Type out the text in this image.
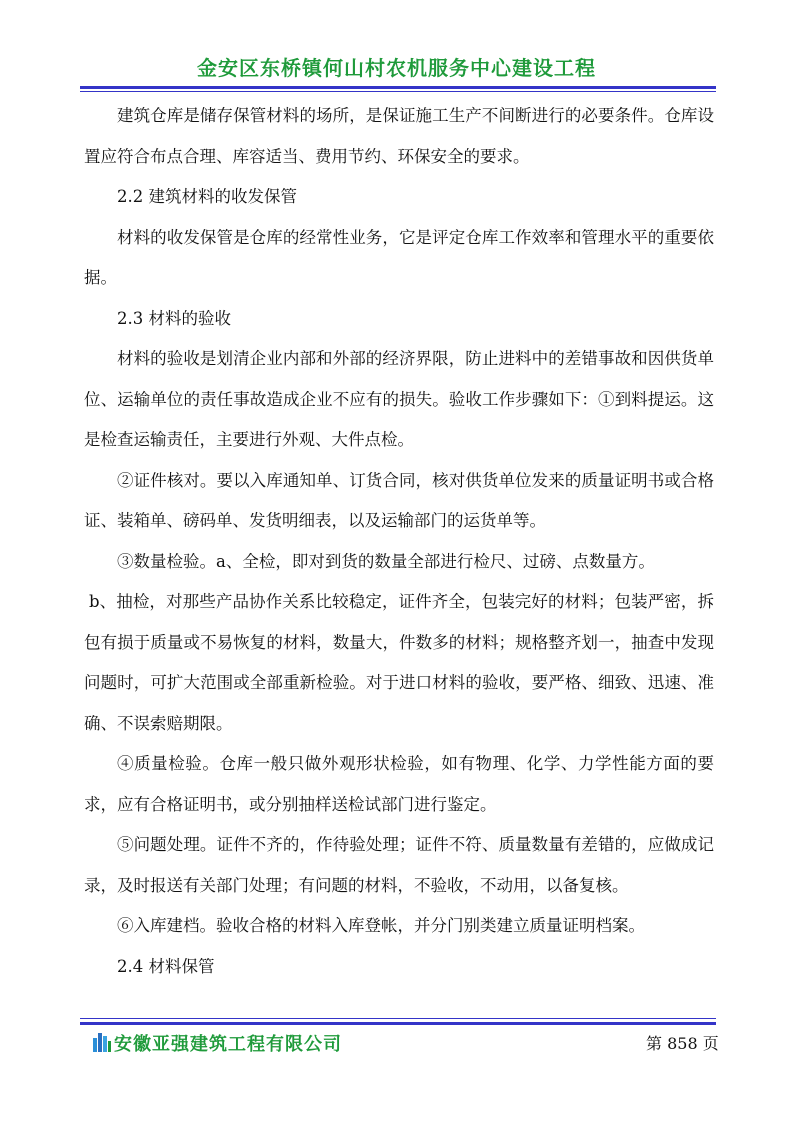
金安区东桥镇何山村农机服务中心建设工程

建筑仓库是储存保管材料的场所，是保证施工生产不间断进行的必要条件。仓库设置应符合布点合理、库容适当、费用节约、环保安全的要求。

2.2 建筑材料的收发保管

材料的收发保管是仓库的经常性业务，它是评定仓库工作效率和管理水平的重要依据。

2.3 材料的验收

材料的验收是划清企业内部和外部的经济界限，防止进料中的差错事故和因供货单位、运输单位的责任事故造成企业不应有的损失。验收工作步骤如下：①到料提运。这是检查运输责任，主要进行外观、大件点检。

②证件核对。要以入库通知单、订货合同，核对供货单位发来的质量证明书或合格证、装箱单、磅码单、发货明细表，以及运输部门的运货单等。

③数量检验。a、全检，即对到货的数量全部进行检尺、过磅、点数量方。

b、抽检，对那些产品协作关系比较稳定，证件齐全，包装完好的材料；包装严密，拆包有损于质量或不易恢复的材料，数量大，件数多的材料；规格整齐划一，抽查中发现问题时，可扩大范围或全部重新检验。对于进口材料的验收，要严格、细致、迅速、准确、不误索赔期限。

④质量检验。仓库一般只做外观形状检验，如有物理、化学、力学性能方面的要求，应有合格证明书，或分别抽样送检试部门进行鉴定。

⑤问题处理。证件不齐的，作待验处理；证件不符、质量数量有差错的，应做成记录，及时报送有关部门处理；有问题的材料，不验收，不动用，以备复核。

⑥入库建档。验收合格的材料入库登帐，并分门别类建立质量证明档案。

2.4 材料保管

安徽亚强建筑工程有限公司	第 858 页
